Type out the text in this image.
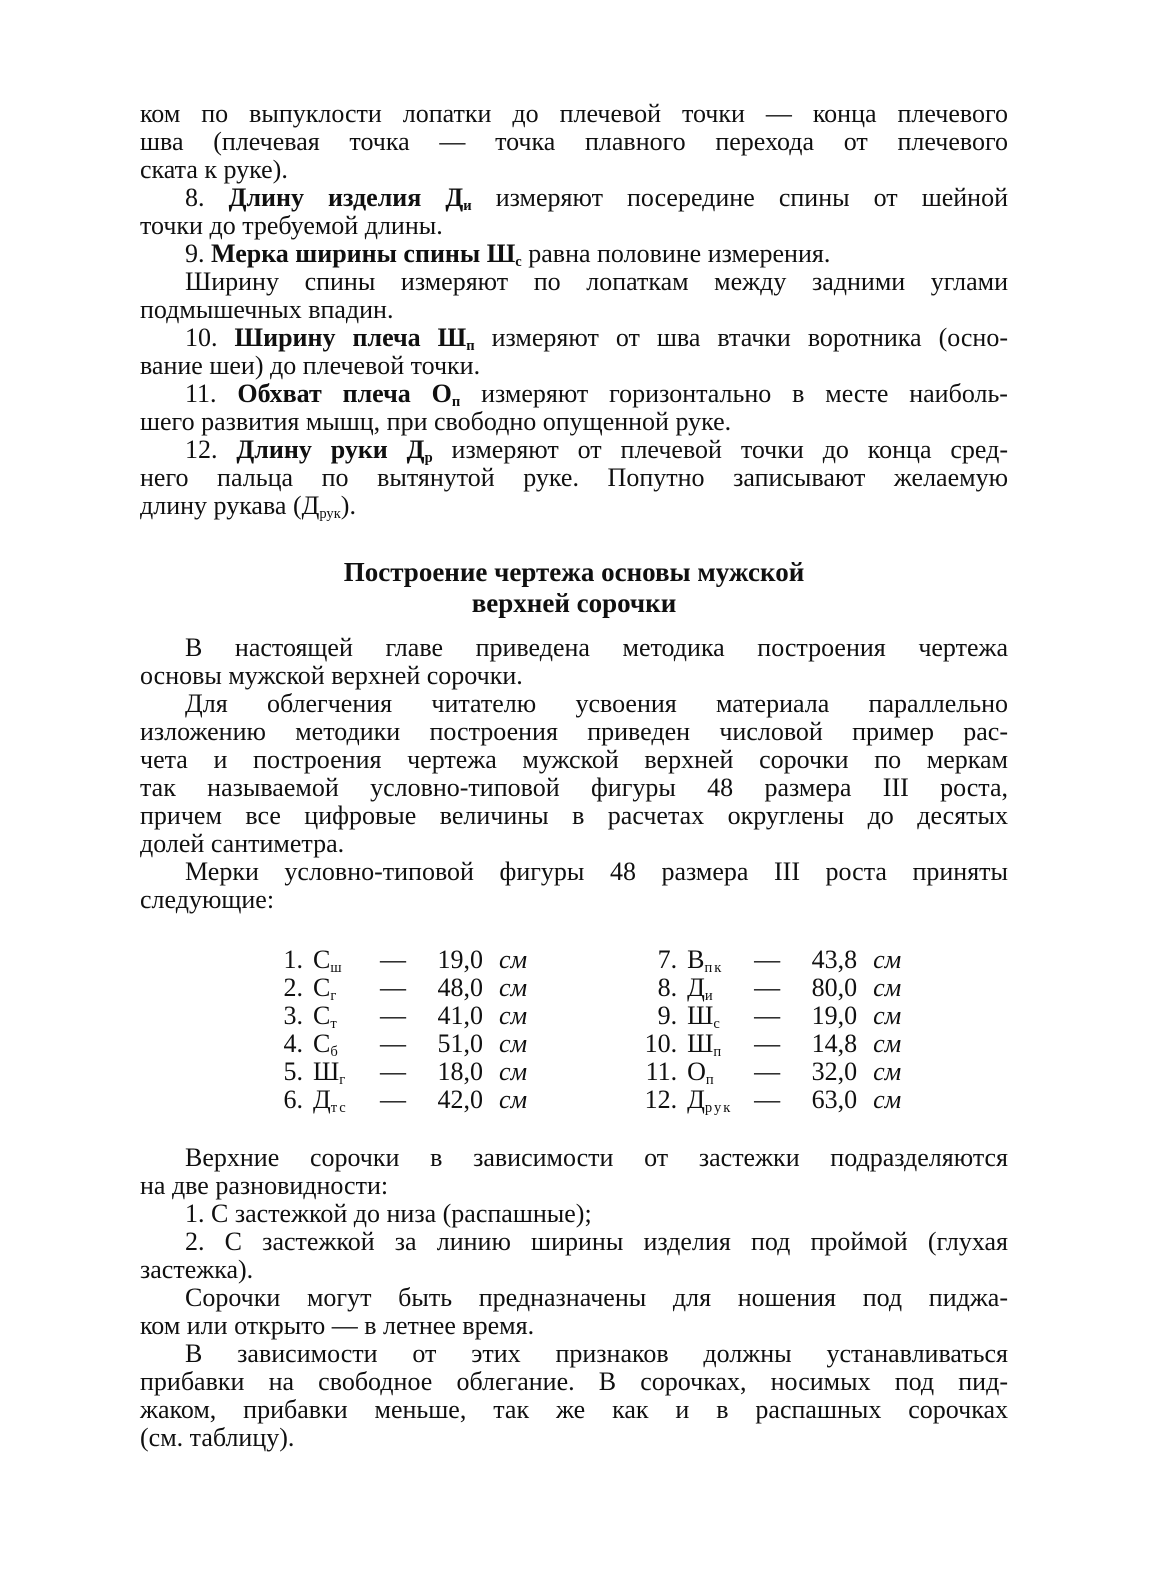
ком по выпуклости лопатки до плечевой точки — конца плечевого
шва (плечевая точка — точка плавного перехода от плечевого
ската к руке).
8. Длину изделия $Д_и$ измеряют посередине спины от шейной
точки до требуемой длины.
9. Мерка ширины спины $Ш_с$ равна половине измерения.
Ширину спины измеряют по лопаткам между задними углами
подмышечных впадин.
10. Ширину плеча $Ш_п$ измеряют от шва втачки воротника (осно-
вание шеи) до плечевой точки.
11. Обхват плеча $О_п$ измеряют горизонтально в месте наиболь-
шего развития мышц, при свободно опущенной руке.
12. Длину руки $Д_р$ измеряют от плечевой точки до конца сред-
него пальца по вытянутой руке. Попутно записывают желаемую
длину рукава $(Д_{рук})$.
Построение чертежа основы мужской
верхней сорочки
В настоящей главе приведена методика построения чертежа
основы мужской верхней сорочки.
Для облегчения читателю усвоения материала параллельно
изложению методики построения приведен числовой пример рас-
чета и построения чертежа мужской верхней сорочки по меркам
так называемой условно-типовой фигуры 48 размера III роста,
причем все цифровые величины в расчетах округлены до десятых
долей сантиметра.
Мерки условно-типовой фигуры 48 размера III роста приняты
следующие:
1. $С_ш$	—	19,0 см
2. $С_г$	—	48,0 см
3. $С_т$	—	41,0 см
4. $С_б$	—	51,0 см
5. $Ш_г$	—	18,0 см
6. $Д_{тс}$	—	42,0 см
7. $В_{пк}$	—	43,8 см
8. $Д_и$	—	80,0 см
9. $Ш_с$	—	19,0 см
10. $Ш_п$	—	14,8 см
11. $О_п$	—	32,0 см
12. $Д_{рук}$ —	63,0 см
Верхние сорочки в зависимости от застежки подразделяются
на две разновидности:
1. С застежкой до низа (распашные);
2. С застежкой за линию ширины изделия под проймой (глухая
застежка).
Сорочки могут быть предназначены для ношения под пиджа-
ком или открыто — в летнее время.
В зависимости от этих признаков должны устанавливаться
прибавки на свободное облегание. В сорочках, носимых под пид-
жаком, прибавки меньше, так же как и в распашных сорочках
(см. таблицу).
